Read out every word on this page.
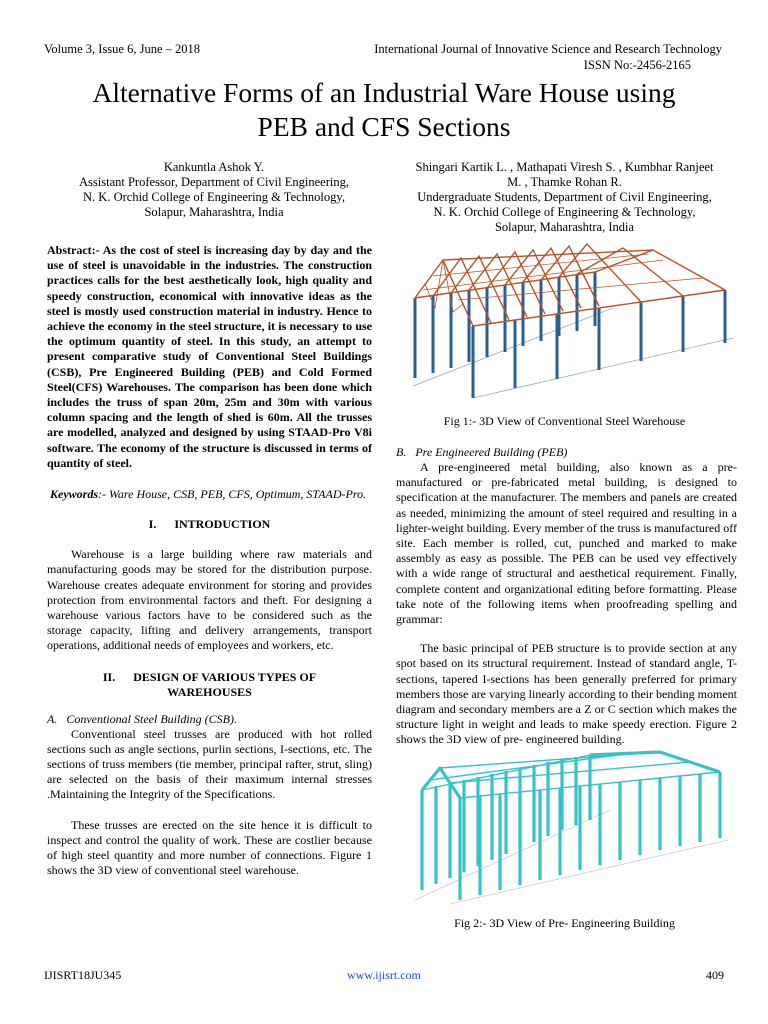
Volume 3, Issue 6, June – 2018	International Journal of Innovative Science and Research Technology
ISSN No:-2456-2165
Alternative Forms of an Industrial Ware House using
PEB and CFS Sections
Kankuntla Ashok Y.
Assistant Professor, Department of Civil Engineering,
N. K. Orchid College of Engineering & Technology,
Solapur, Maharashtra, India
Shingari Kartik L. , Mathapati Viresh S. , Kumbhar Ranjeet
M. , Thamke Rohan R.
Undergraduate Students, Department of Civil Engineering,
N. K. Orchid College of Engineering & Technology,
Solapur, Maharashtra, India

Abstract:- As the cost of steel is increasing day by day and the use of steel is unavoidable in the industries. The construction practices calls for the best aesthetically look, high quality and speedy construction, economical with innovative ideas as the steel is mostly used construction material in industry. Hence to achieve the economy in the steel structure, it is necessary to use the optimum quantity of steel. In this study, an attempt to present comparative study of Conventional Steel Buildings (CSB), Pre Engineered Building (PEB) and Cold Formed Steel(CFS) Warehouses. The comparison has been done which includes the truss of span 20m, 25m and 30m with various column spacing and the length of shed is 60m. All the trusses are modelled, analyzed and designed by using STAAD-Pro V8i software. The economy of the structure is discussed in terms of quantity of steel.

Keywords:- Ware House, CSB, PEB, CFS, Optimum, STAAD-Pro.

I. INTRODUCTION

Warehouse is a large building where raw materials and manufacturing goods may be stored for the distribution purpose. Warehouse creates adequate environment for storing and provides protection from environmental factors and theft. For designing a warehouse various factors have to be considered such as the storage capacity, lifting and delivery arrangements, transport operations, additional needs of employees and workers, etc.

II. DESIGN OF VARIOUS TYPES OF
WAREHOUSES
A. Conventional Steel Building (CSB).

Conventional steel trusses are produced with hot rolled sections such as angle sections, purlin sections, I-sections, etc. The sections of truss members (tie member, principal rafter, strut, sling) are selected on the basis of their maximum internal stresses .Maintaining the Integrity of the Specifications.

These trusses are erected on the site hence it is difficult to inspect and control the quality of work. These are costlier because of high steel quantity and more number of connections. Figure 1 shows the 3D view of conventional steel warehouse.

Fig 1:- 3D View of Conventional Steel Warehouse
B. Pre Engineered Building (PEB)

A pre-engineered metal building, also known as a pre-manufactured or pre-fabricated metal building, is designed to specification at the manufacturer. The members and panels are created as needed, minimizing the amount of steel required and resulting in a lighter-weight building. Every member of the truss is manufactured off site. Each member is rolled, cut, punched and marked to make assembly as easy as possible. The PEB can be used vey effectively with a wide range of structural and aesthetical requirement. Finally, complete content and organizational editing before formatting. Please take note of the following items when proofreading spelling and grammar:

The basic principal of PEB structure is to provide section at any spot based on its structural requirement. Instead of standard angle, T-sections, tapered I-sections has been generally preferred for primary members those are varying linearly according to their bending moment diagram and secondary members are a Z or C section which makes the structure light in weight and leads to make speedy erection. Figure 2 shows the 3D view of pre- engineered building.

Fig 2:- 3D View of Pre- Engineering Building
IJISRT18JU345	www.ijisrt.com	409
